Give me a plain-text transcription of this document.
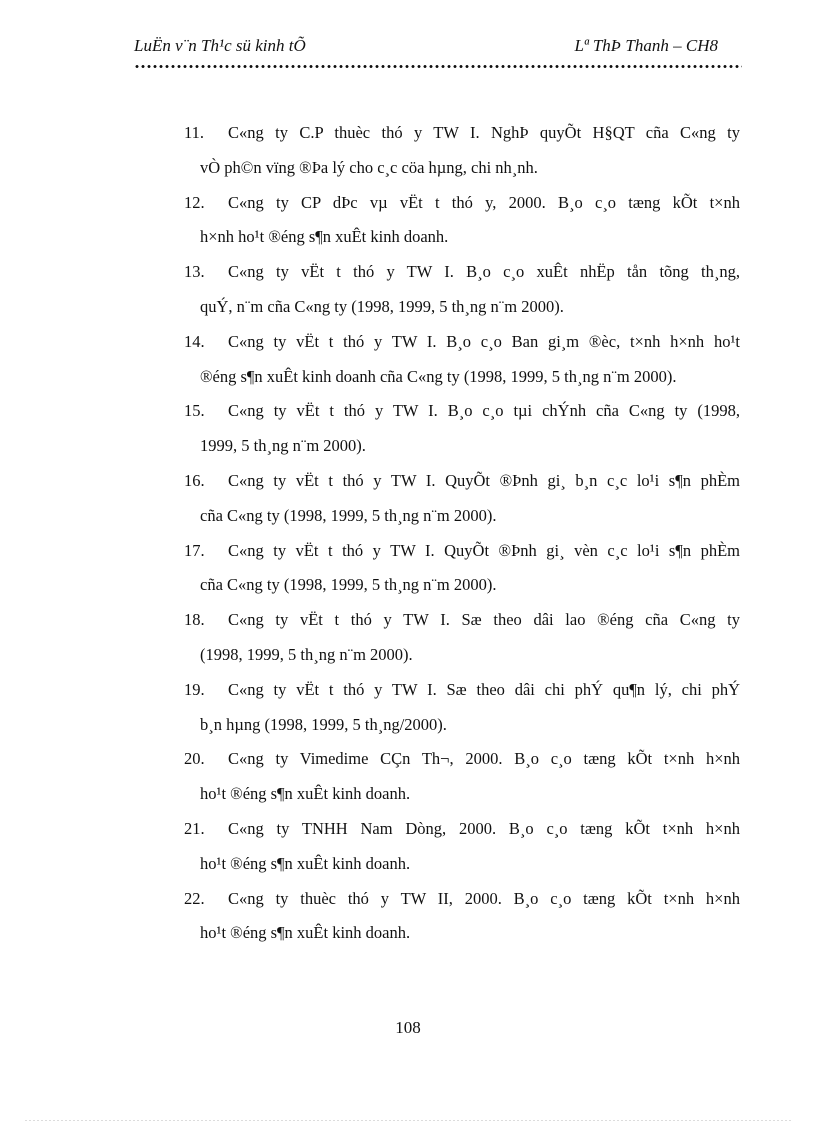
LuËn v¨n Th¹c sü kinh tÕ	Lª ThÞ Thanh – CH8
11.	C«ng ty C.P thuèc thó y TW I. NghÞ quyÕt H§QT cña C«ng ty
vÒ ph©n vïng ®Þa lý cho c¸c cöa hµng, chi nh¸nh.
12.	C«ng ty CP dÞc vµ vËt t thó y, 2000. B¸o c¸o tæng kÕt t×nh
h×nh ho¹t ®éng s¶n xuÊt kinh doanh.
13.	C«ng ty vËt t thó y TW I. B¸o c¸o xuÊt nhËp tån tõng th¸ng,
quÝ, n¨m cña C«ng ty (1998, 1999, 5 th¸ng n¨m 2000).
14.	C«ng ty vËt t thó y TW I. B¸o c¸o Ban gi¸m ®èc, t×nh h×nh ho¹t
®éng s¶n xuÊt kinh doanh cña C«ng ty (1998, 1999, 5 th¸ng n¨m 2000).
15.	C«ng ty vËt t thó y TW I. B¸o c¸o tµi chÝnh cña C«ng ty (1998,
1999, 5 th¸ng n¨m 2000).
16.	C«ng ty vËt t thó y TW I. QuyÕt ®Þnh gi¸ b¸n c¸c lo¹i s¶n phÈm
cña C«ng ty (1998, 1999, 5 th¸ng n¨m 2000).
17.	C«ng ty vËt t thó y TW I. QuyÕt ®Þnh gi¸ vèn c¸c lo¹i s¶n phÈm
cña C«ng ty (1998, 1999, 5 th¸ng n¨m 2000).
18.	C«ng ty vËt t thó y TW I. Sæ theo dâi lao ®éng cña C«ng ty
(1998, 1999, 5 th¸ng n¨m 2000).
19.	C«ng ty vËt t thó y TW I. Sæ theo dâi chi phÝ qu¶n lý, chi phÝ
b¸n hµng (1998, 1999, 5 th¸ng/2000).
20.	C«ng ty Vimedime CÇn Th¬, 2000. B¸o c¸o tæng kÕt t×nh h×nh
ho¹t ®éng s¶n xuÊt kinh doanh.
21.	C«ng ty TNHH Nam Dòng, 2000. B¸o c¸o tæng kÕt t×nh h×nh
ho¹t ®éng s¶n xuÊt kinh doanh.
22.	C«ng ty thuèc thó y TW II, 2000. B¸o c¸o tæng kÕt t×nh h×nh
ho¹t ®éng s¶n xuÊt kinh doanh.
108
